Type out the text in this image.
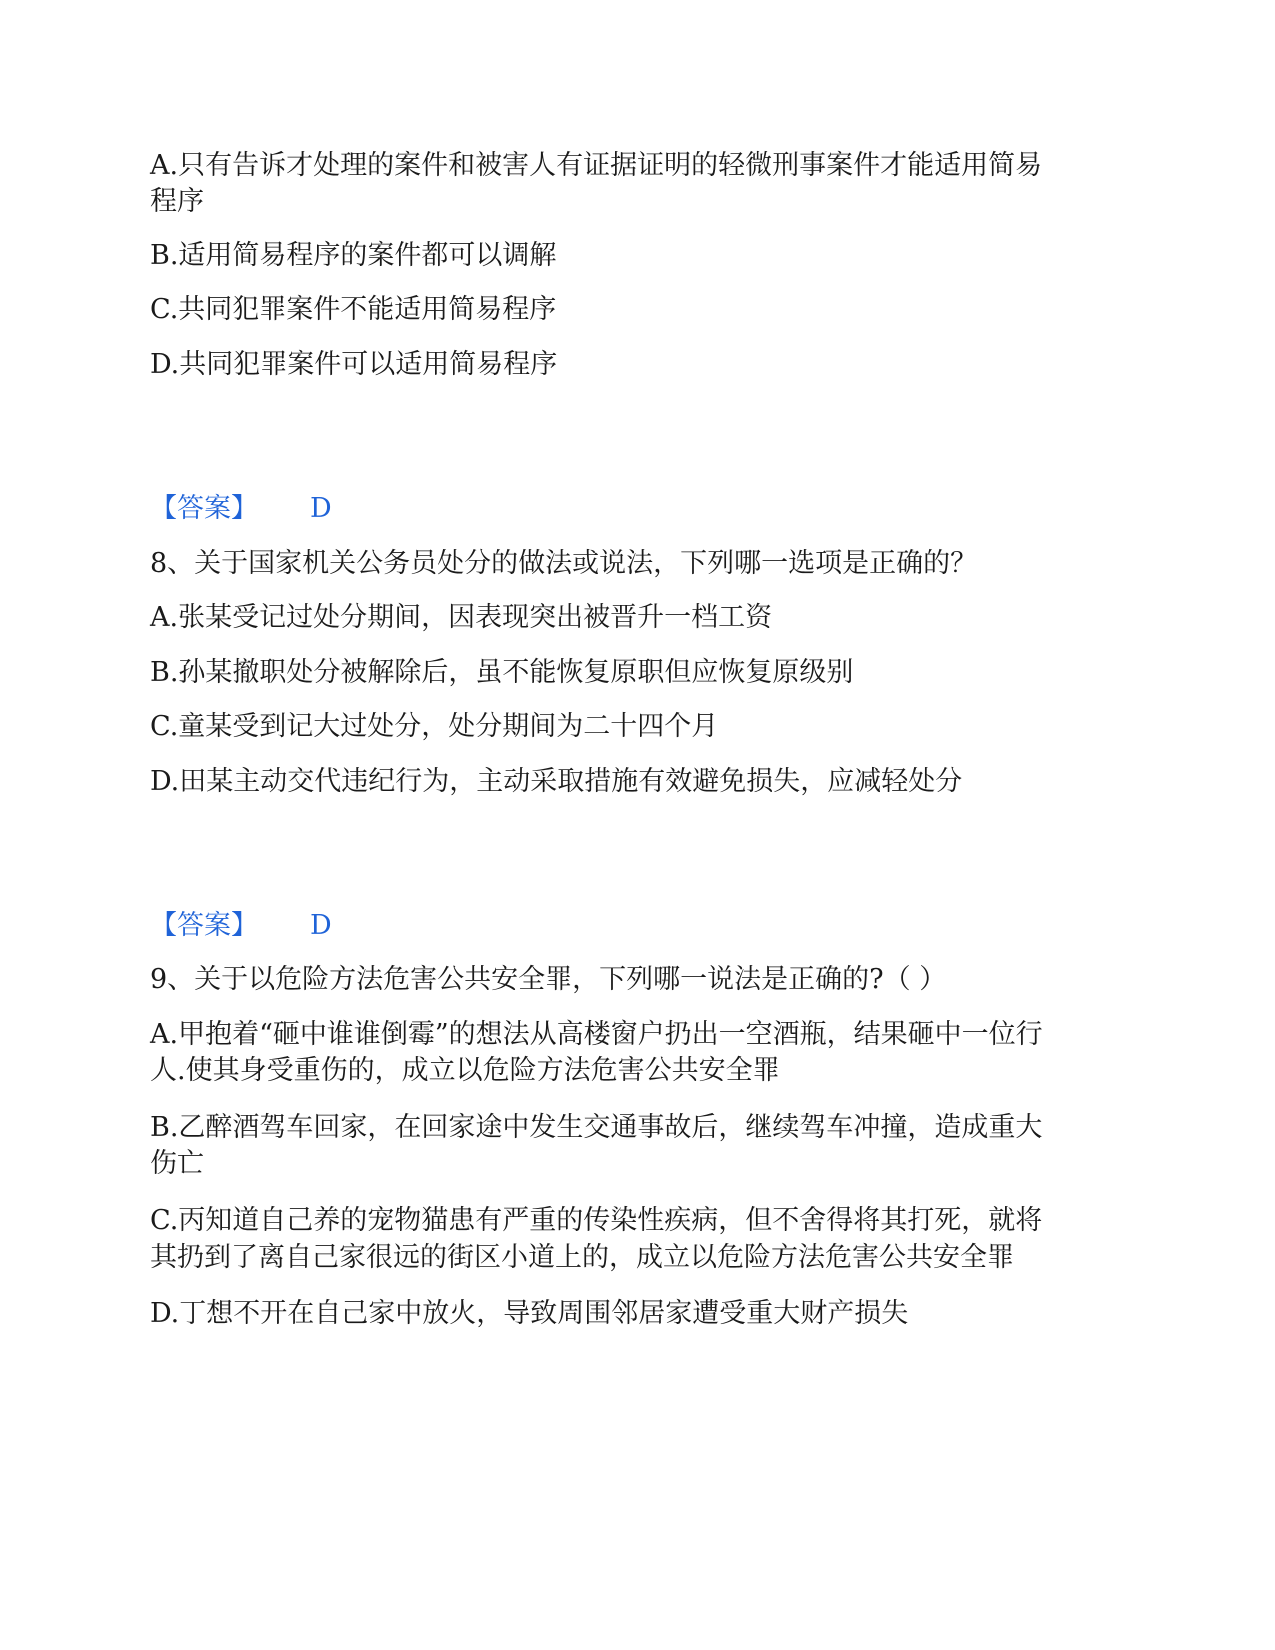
A.只有告诉才处理的案件和被害人有证据证明的轻微刑事案件才能适用简易
程序
B.适用简易程序的案件都可以调解
C.共同犯罪案件不能适用简易程序
D.共同犯罪案件可以适用简易程序
【答案】 D
8、关于国家机关公务员处分的做法或说法，下列哪一选项是正确的？
A.张某受记过处分期间，因表现突出被晋升一档工资
B.孙某撤职处分被解除后，虽不能恢复原职但应恢复原级别
C.童某受到记大过处分，处分期间为二十四个月
D.田某主动交代违纪行为，主动采取措施有效避免损失，应减轻处分
【答案】 D
9、关于以危险方法危害公共安全罪，下列哪一说法是正确的?（ ）
A.甲抱着“砸中谁谁倒霉”的想法从高楼窗户扔出一空酒瓶，结果砸中一位行
人.使其身受重伤的，成立以危险方法危害公共安全罪
B.乙醉酒驾车回家，在回家途中发生交通事故后，继续驾车冲撞，造成重大
伤亡
C.丙知道自己养的宠物猫患有严重的传染性疾病，但不舍得将其打死，就将
其扔到了离自己家很远的街区小道上的，成立以危险方法危害公共安全罪
D.丁想不开在自己家中放火，导致周围邻居家遭受重大财产损失
